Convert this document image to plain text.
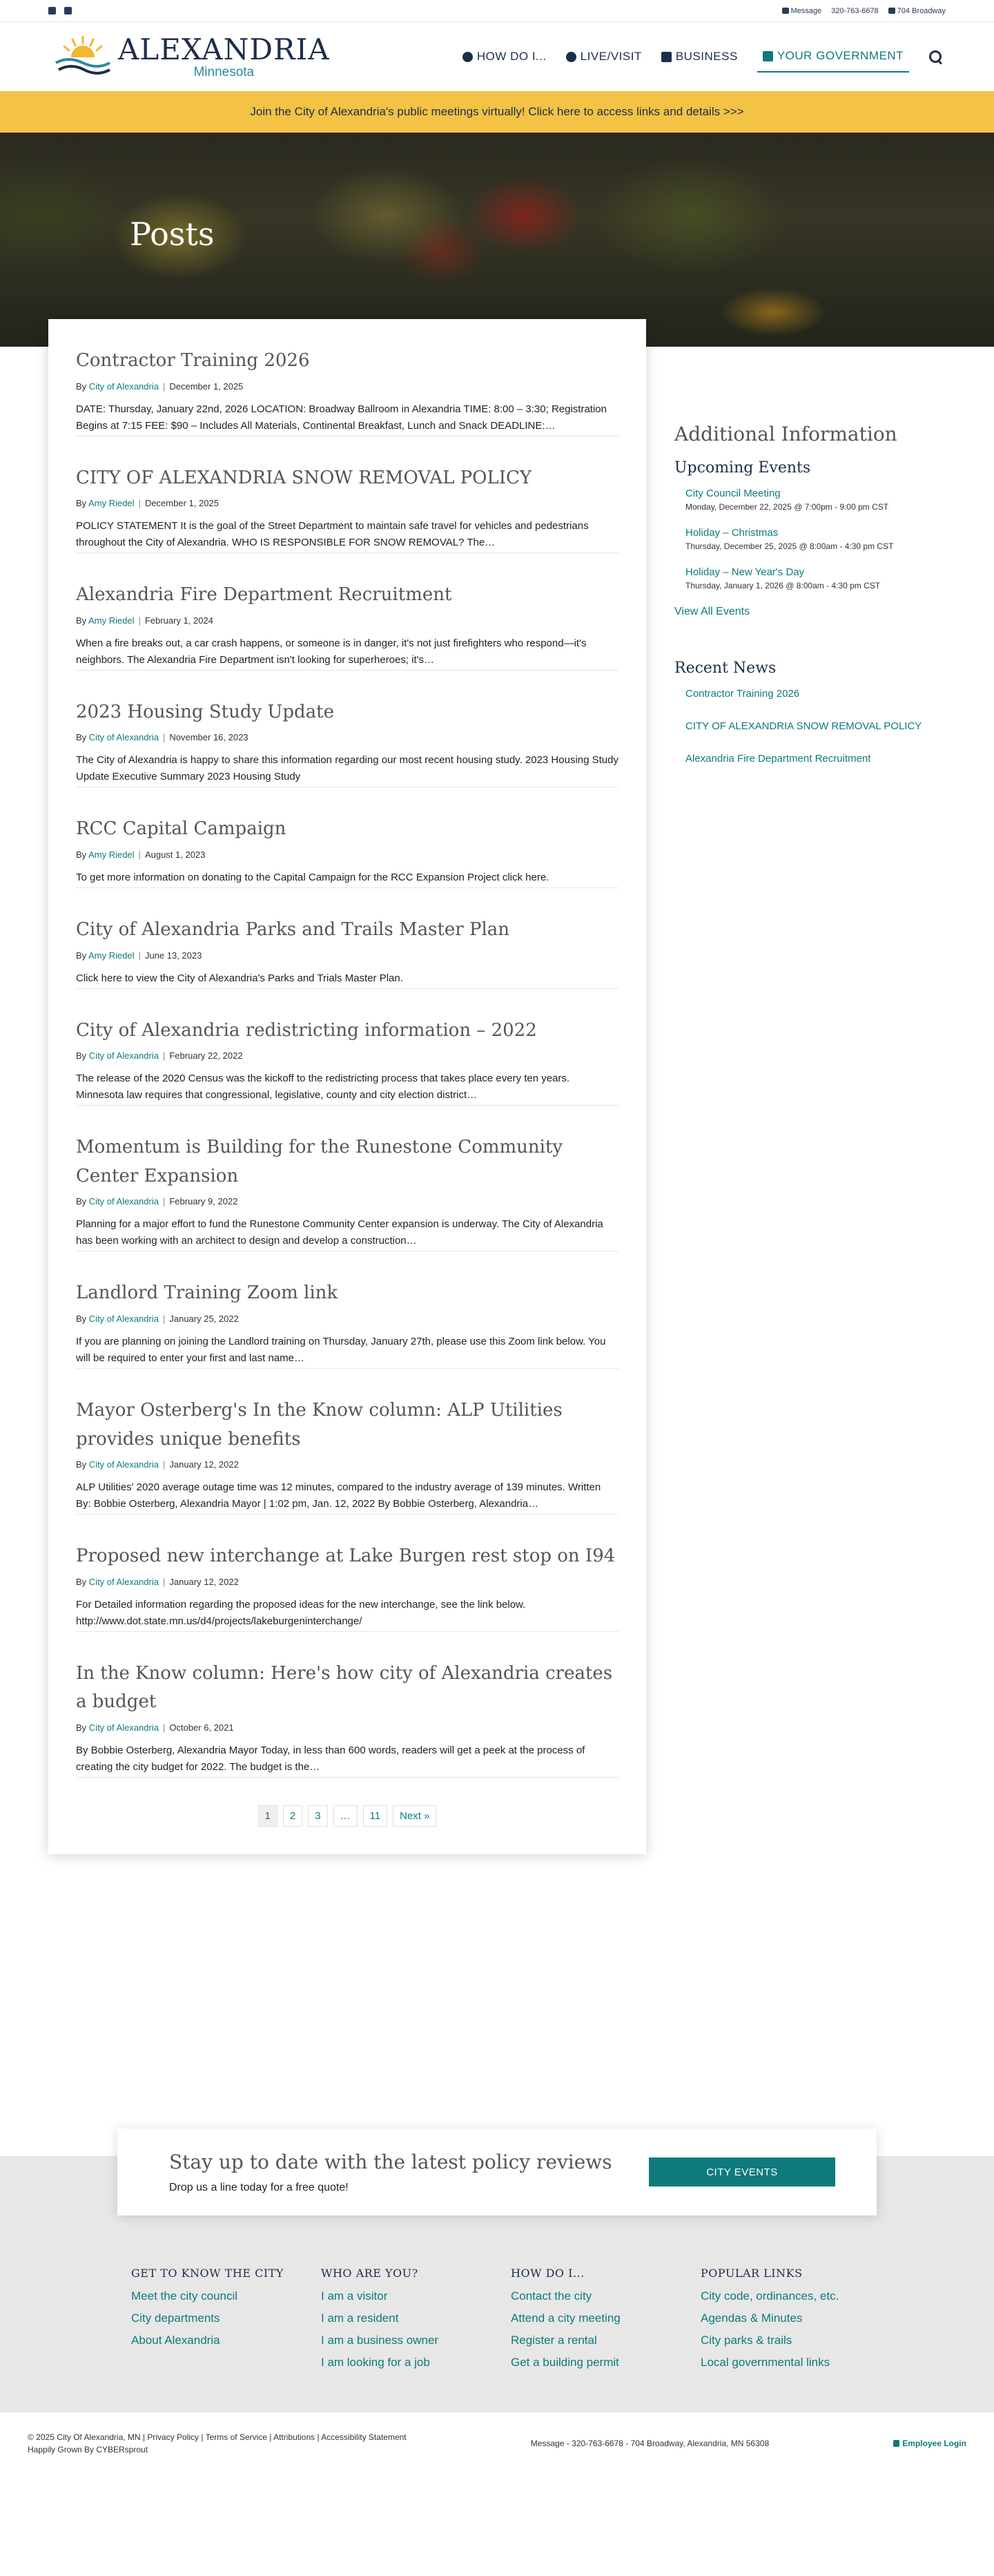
Message 320-763-6678	704 Broadway
ALEXANDRIA
Minnesota
HOW DO I...	LIVE/VISIT	BUSINESS	YOUR GOVERNMENT
Join the City of Alexandria's public meetings virtually! Click here to access links and details >>>
Posts
Contractor Training 2026
By City of Alexandria | December 1, 2025

DATE: Thursday, January 22nd, 2026 LOCATION: Broadway Ballroom in Alexandria TIME: 8:00 – 3:30; Registration Begins at 7:15 FEE: $90 – Includes All Materials, Continental Breakfast, Lunch and Snack DEADLINE:…

CITY OF ALEXANDRIA SNOW REMOVAL POLICY
By Amy Riedel | December 1, 2025

POLICY STATEMENT It is the goal of the Street Department to maintain safe travel for vehicles and pedestrians throughout the City of Alexandria. WHO IS RESPONSIBLE FOR SNOW REMOVAL? The…

Alexandria Fire Department Recruitment
By Amy Riedel | February 1, 2024

When a fire breaks out, a car crash happens, or someone is in danger, it's not just firefighters who respond—it's neighbors. The Alexandria Fire Department isn't looking for superheroes; it's…

2023 Housing Study Update
By City of Alexandria | November 16, 2023

The City of Alexandria is happy to share this information regarding our most recent housing study. 2023 Housing Study Update Executive Summary 2023 Housing Study

RCC Capital Campaign
By Amy Riedel | August 1, 2023

To get more information on donating to the Capital Campaign for the RCC Expansion Project click here.

City of Alexandria Parks and Trails Master Plan
By Amy Riedel | June 13, 2023

Click here to view the City of Alexandria's Parks and Trials Master Plan.

City of Alexandria redistricting information – 2022
By City of Alexandria | February 22, 2022

The release of the 2020 Census was the kickoff to the redistricting process that takes place every ten years. Minnesota law requires that congressional, legislative, county and city election district…

Momentum is Building for the Runestone Community Center Expansion
By City of Alexandria | February 9, 2022

Planning for a major effort to fund the Runestone Community Center expansion is underway. The City of Alexandria has been working with an architect to design and develop a construction…

Landlord Training Zoom link
By City of Alexandria | January 25, 2022

If you are planning on joining the Landlord training on Thursday, January 27th, please use this Zoom link below. You will be required to enter your first and last name…

Mayor Osterberg's In the Know column: ALP Utilities provides unique benefits
By City of Alexandria | January 12, 2022

ALP Utilities' 2020 average outage time was 12 minutes, compared to the industry average of 139 minutes. Written By: Bobbie Osterberg, Alexandria Mayor | 1:02 pm, Jan. 12, 2022 By Bobbie Osterberg, Alexandria…

Proposed new interchange at Lake Burgen rest stop on I94
By City of Alexandria | January 12, 2022

For Detailed information regarding the proposed ideas for the new interchange, see the link below. http://www.dot.state.mn.us/d4/projects/lakeburgeninterchange/

In the Know column: Here's how city of Alexandria creates a budget
By City of Alexandria | October 6, 2021

By Bobbie Osterberg, Alexandria Mayor Today, in less than 600 words, readers will get a peek at the process of creating the city budget for 2022. The budget is the…

1	2	3	…	11	Next »
Additional Information
Upcoming Events
City Council Meeting
Monday, December 22, 2025 @ 7:00pm - 9:00 pm CST
Holiday – Christmas
Thursday, December 25, 2025 @ 8:00am - 4:30 pm CST
Holiday – New Year's Day
Thursday, January 1, 2026 @ 8:00am - 4:30 pm CST
View All Events
Recent News
Contractor Training 2026
CITY OF ALEXANDRIA SNOW REMOVAL POLICY
Alexandria Fire Department Recruitment
Stay up to date with the latest policy reviews
Drop us a line today for a free quote!
CITY EVENTS
GET TO KNOW THE CITY
Meet the city council
City departments
About Alexandria
WHO ARE YOU?
I am a visitor
I am a resident
I am a business owner
I am looking for a job
HOW DO I...
Contact the city
Attend a city meeting
Register a rental
Get a building permit
POPULAR LINKS
City code, ordinances, etc.
Agendas & Minutes
City parks & trails
Local governmental links
© 2025 City Of Alexandria, MN | Privacy Policy | Terms of Service | Attributions | Accessibility Statement
Happily Grown By CYBERsprout
Message - 320-763-6678 - 704 Broadway, Alexandria, MN 56308	Employee Login
